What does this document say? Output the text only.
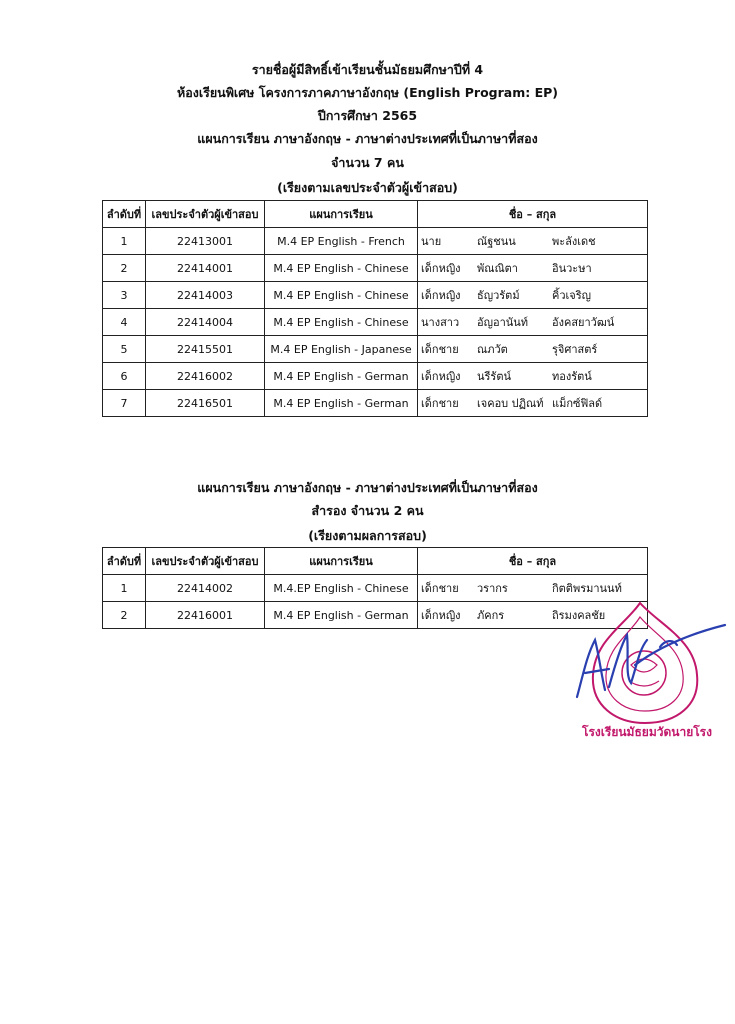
รายชื่อผู้มีสิทธิ์เข้าเรียนชั้นมัธยมศึกษาปีที่ 4
ห้องเรียนพิเศษ โครงการภาคภาษาอังกฤษ (English Program: EP)
ปีการศึกษา 2565
แผนการเรียน ภาษาอังกฤษ - ภาษาต่างประเทศที่เป็นภาษาที่สอง
จำนวน 7 คน
(เรียงตามเลขประจำตัวผู้เข้าสอบ)
ลำดับที่	เลขประจำตัวผู้เข้าสอบ	แผนการเรียน	ชื่อ – สกุล
1	22413001	M.4 EP English - French	นาย ณัฐชนน พะลังเดช

2	22414001	M.4 EP English - Chinese	เด็กหญิง พัณณิตา อินวะษา

3	22414003	M.4 EP English - Chinese	เด็กหญิง ธัญวรัตม์ คิ้วเจริญ

4	22414004	M.4 EP English - Chinese	นางสาว อัญอานันท์ อังคสยาวัฒน์

5	22415501	M.4 EP English - Japanese	เด็กชาย ณภวัต รุจิศาสตร์

6	22416002	M.4 EP English - German	เด็กหญิง นรีรัตน์ ทองรัตน์

7	22416501	M.4 EP English - German	เด็กชาย เจคอบ ปฏิณท์ แม็กซ์ฟิลด์
แผนการเรียน ภาษาอังกฤษ - ภาษาต่างประเทศที่เป็นภาษาที่สอง
สำรอง จำนวน 2 คน
(เรียงตามผลการสอบ)
ลำดับที่	เลขประจำตัวผู้เข้าสอบ	แผนการเรียน	ชื่อ – สกุล
1	22414002	M.4.EP English - Chinese	เด็กชาย วรากร กิตติพรมานนท์

2	22416001	M.4 EP English - German	เด็กหญิง ภัคกร ถิรมงคลชัย
โรงเรียนมัธยมวัดนายโรง
